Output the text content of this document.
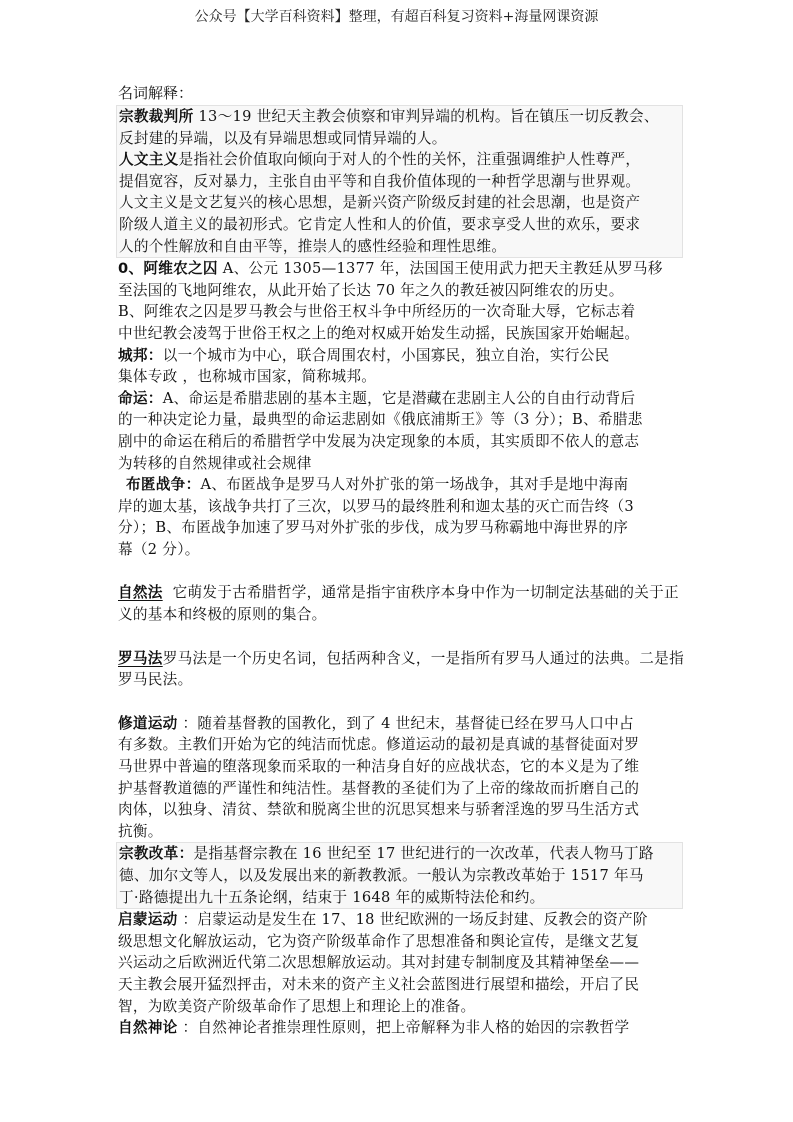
公众号【大学百科资料】整理，有超百科复习资料+海量网课资源
名词解释：
宗教裁判所 13～19 世纪天主教会侦察和审判异端的机构。旨在镇压一切反教会、
反封建的异端，以及有异端思想或同情异端的人。
人文主义是指社会价值取向倾向于对人的个性的关怀，注重强调维护人性尊严，
提倡宽容，反对暴力，主张自由平等和自我价值体现的一种哲学思潮与世界观。
人文主义是文艺复兴的核心思想，是新兴资产阶级反封建的社会思潮，也是资产
阶级人道主义的最初形式。它肯定人性和人的价值，要求享受人世的欢乐，要求
人的个性解放和自由平等，推崇人的感性经验和理性思维。
0、阿维农之囚 A、公元 1305—1377 年，法国国王使用武力把天主教廷从罗马移
至法国的飞地阿维农，从此开始了长达 70 年之久的教廷被囚阿维农的历史。
B、阿维农之囚是罗马教会与世俗王权斗争中所经历的一次奇耻大辱，它标志着
中世纪教会凌驾于世俗王权之上的绝对权威开始发生动摇，民族国家开始崛起。
城邦：以一个城市为中心，联合周围农村，小国寡民，独立自治，实行公民
集体专政 ，也称城市国家，简称城邦。
命运：A、命运是希腊悲剧的基本主题，它是潜藏在悲剧主人公的自由行动背后
的一种决定论力量，最典型的命运悲剧如《俄底浦斯王》等（3 分）；B、希腊悲
剧中的命运在稍后的希腊哲学中发展为决定现象的本质，其实质即不依人的意志
为转移的自然规律或社会规律
布匿战争：A、布匿战争是罗马人对外扩张的第一场战争，其对手是地中海南
岸的迦太基，该战争共打了三次，以罗马的最终胜利和迦太基的灭亡而告终（3
分）；B、布匿战争加速了罗马对外扩张的步伐，成为罗马称霸地中海世界的序
幕（2 分）。
自然法  它萌发于古希腊哲学，通常是指宇宙秩序本身中作为一切制定法基础的关于正
义的基本和终极的原则的集合。
罗马法罗马法是一个历史名词，包括两种含义，一是指所有罗马人通过的法典。二是指
罗马民法。
修道运动 ：随着基督教的国教化，到了 4 世纪末，基督徒已经在罗马人口中占
有多数。主教们开始为它的纯洁而忧虑。修道运动的最初是真诚的基督徒面对罗
马世界中普遍的堕落现象而采取的一种洁身自好的应战状态，它的本义是为了维
护基督教道德的严谨性和纯洁性。基督教的圣徒们为了上帝的缘故而折磨自己的
肉体，以独身、清贫、禁欲和脱离尘世的沉思冥想来与骄奢淫逸的罗马生活方式
抗衡。
宗教改革：是指基督宗教在 16 世纪至 17 世纪进行的一次改革，代表人物马丁路
德、加尔文等人，以及发展出来的新教教派。一般认为宗教改革始于 1517 年马
丁·路德提出九十五条论纲，结束于 1648 年的威斯特法伦和约。
启蒙运动 ：启蒙运动是发生在 17、18 世纪欧洲的一场反封建、反教会的资产阶
级思想文化解放运动，它为资产阶级革命作了思想准备和舆论宣传，是继文艺复
兴运动之后欧洲近代第二次思想解放运动。其对封建专制制度及其精神堡垒——
天主教会展开猛烈抨击，对未来的资产主义社会蓝图进行展望和描绘，开启了民
智，为欧美资产阶级革命作了思想上和理论上的准备。
自然神论 ：自然神论者推崇理性原则，把上帝解释为非人格的始因的宗教哲学
